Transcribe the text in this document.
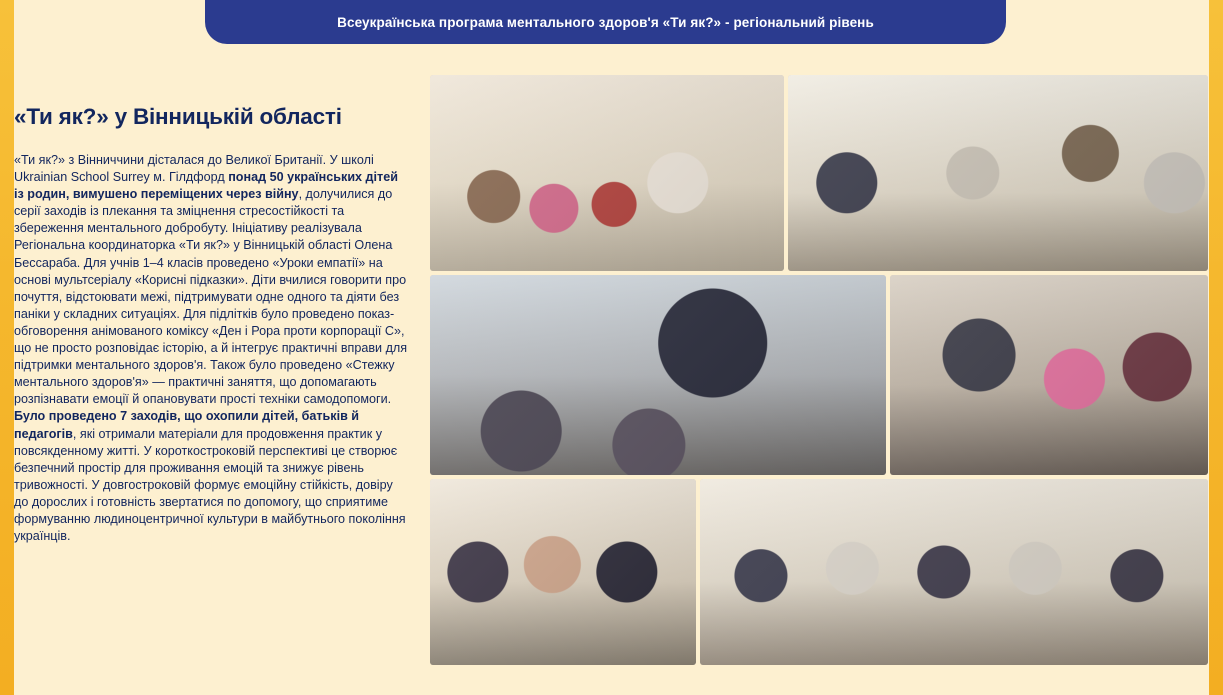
Всеукраїнська програма ментального здоров'я «Ти як?» - регіональний рівень
«Ти як?» у Вінницькій області
«Ти як?» з Вінниччини дісталася до Великої Британії. У школі Ukrainian School Surrey м. Гілдфорд понад 50 українських дітей із родин, вимушено переміщених через війну, долучилися до серії заходів із плекання та зміцнення стресостійкості та збереження ментального добробуту. Ініціативу реалізувала Регіональна координаторка «Ти як?» у Вінницькій області Олена Бессараба. Для учнів 1–4 класів проведено «Уроки емпатії» на основі мультсеріалу «Корисні підказки». Діти вчилися говорити про почуття, відстоювати межі, підтримувати одне одного та діяти без паніки у складних ситуаціях. Для підлітків було проведено показ-обговорення анімованого коміксу «Ден і Рора проти корпорації С», що не просто розповідає історію, а й інтегрує практичні вправи для підтримки ментального здоров'я. Також було проведено «Стежку ментального здоров'я» — практичні заняття, що допомагають розпізнавати емоції й опановувати прості техніки самодопомоги. Було проведено 7 заходів, що охопили дітей, батьків й педагогів, які отримали матеріали для продовження практик у повсякденному житті. У короткостроковій перспективі це створює безпечний простір для проживання емоцій та знижує рівень тривожності. У довгостроковій формує емоційну стійкість, довіру до дорослих і готовність звертатися по допомогу, що сприятиме формуванню людиноцентричної культури в майбутнього покоління українців.
